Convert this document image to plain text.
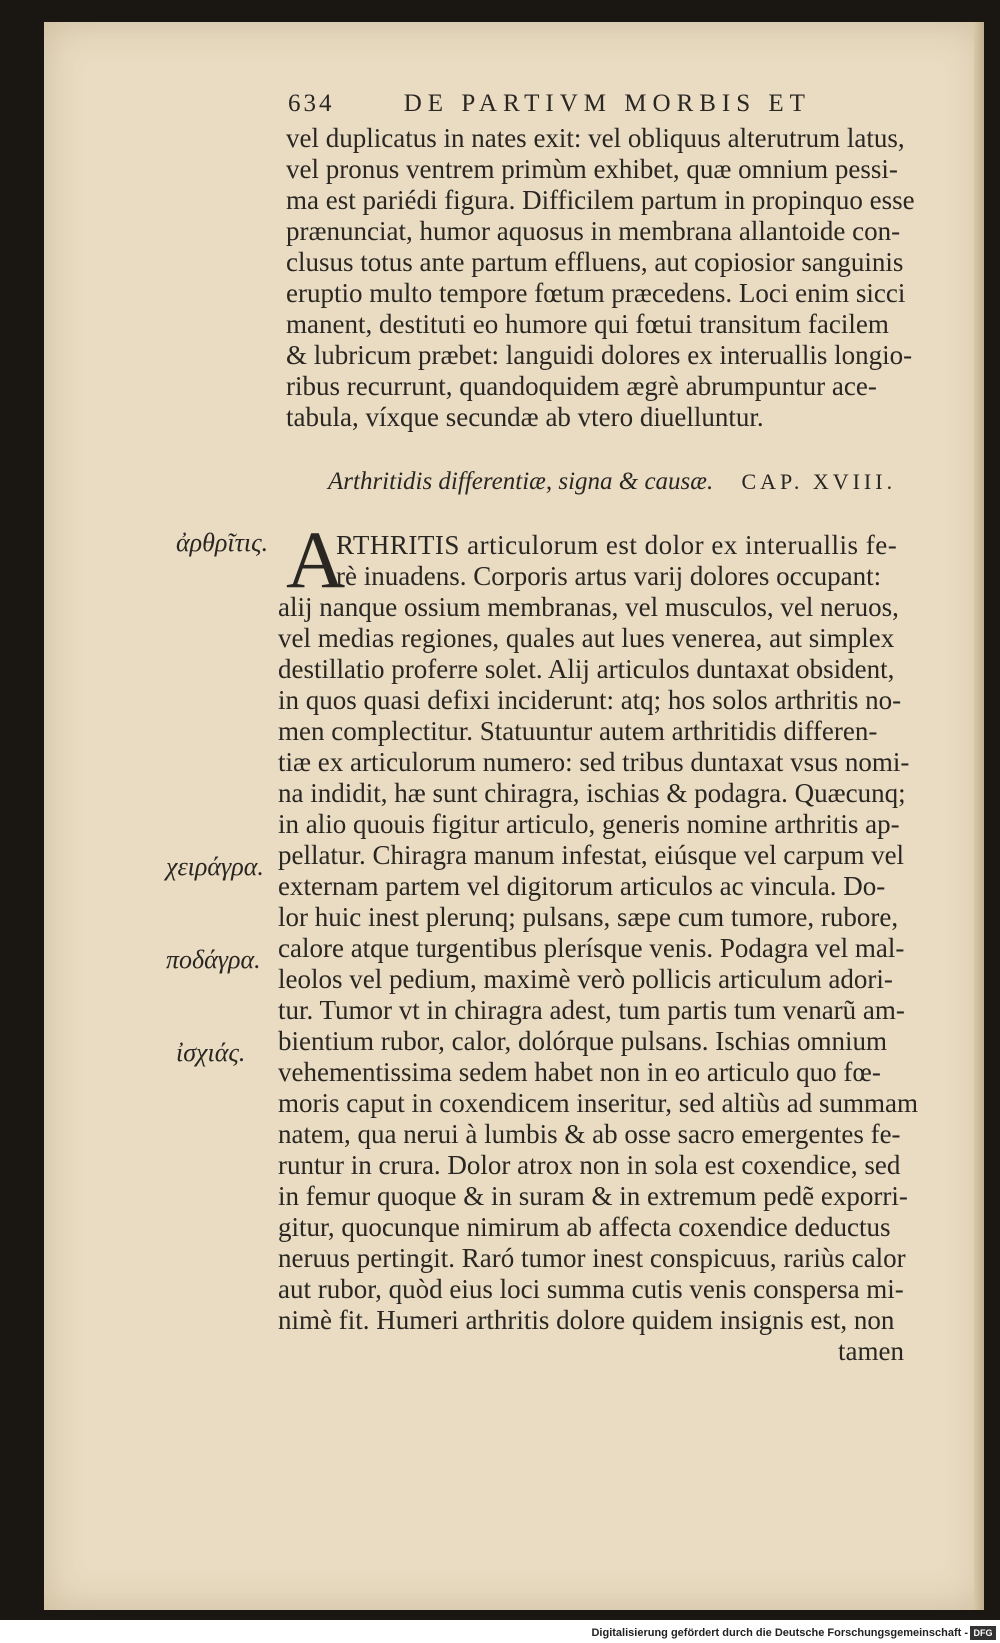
634	DE PARTIVM MORBIS ET
vel duplicatus in nates exit: vel obliquus alterutrum latus,
vel pronus ventrem primùm exhibet, quæ omnium pessi-
ma est pariédi figura. Difficilem partum in propinquo esse
prænunciat, humor aquosus in membrana allantoide con-
clusus totus ante partum effluens, aut copiosior sanguinis
eruptio multo tempore fœtum præcedens. Loci enim sicci
manent, destituti eo humore qui fœtui transitum facilem
& lubricum præbet: languidi dolores ex interuallis longio-
ribus recurrunt, quandoquidem ægrè abrumpuntur ace-
tabula, víxque secundæ ab vtero diuelluntur.
Arthritidis differentiæ, signa & causæ. CAP. XVIII.
A
RTHRITIS articulorum est dolor ex interuallis fe-
rè inuadens. Corporis artus varij dolores occupant:
alij nanque ossium membranas, vel musculos, vel neruos,
vel medias regiones, quales aut lues venerea, aut simplex
destillatio proferre solet. Alij articulos duntaxat obsident,
in quos quasi defixi inciderunt: atq; hos solos arthritis no-
men complectitur. Statuuntur autem arthritidis differen-
tiæ ex articulorum numero: sed tribus duntaxat vsus nomi-
na indidit, hæ sunt chiragra, ischias & podagra. Quæcunq;
in alio quouis figitur articulo, generis nomine arthritis ap-
pellatur. Chiragra manum infestat, eiúsque vel carpum vel
externam partem vel digitorum articulos ac vincula. Do-
lor huic inest plerunq; pulsans, sæpe cum tumore, rubore,
calore atque turgentibus plerísque venis. Podagra vel mal-
leolos vel pedium, maximè verò pollicis articulum adori-
tur. Tumor vt in chiragra adest, tum partis tum venarũ am-
bientium rubor, calor, dolórque pulsans. Ischias omnium
vehementissima sedem habet non in eo articulo quo fœ-
moris caput in coxendicem inseritur, sed altiùs ad summam
natem, qua nerui à lumbis & ab osse sacro emergentes fe-
runtur in crura. Dolor atrox non in sola est coxendice, sed
in femur quoque & in suram & in extremum pedẽ exporri-
gitur, quocunque nimirum ab affecta coxendice deductus
neruus pertingit. Raró tumor inest conspicuus, rariùs calor
aut rubor, quòd eius loci summa cutis venis conspersa mi-
nimè fit. Humeri arthritis dolore quidem insignis est, non
tamen
ἀρθρῖτις.
χειράγρα.
ποδάγρα.
ἰσχιάς.
Digitalisierung gefördert durch die Deutsche Forschungsgemeinschaft - DFG
